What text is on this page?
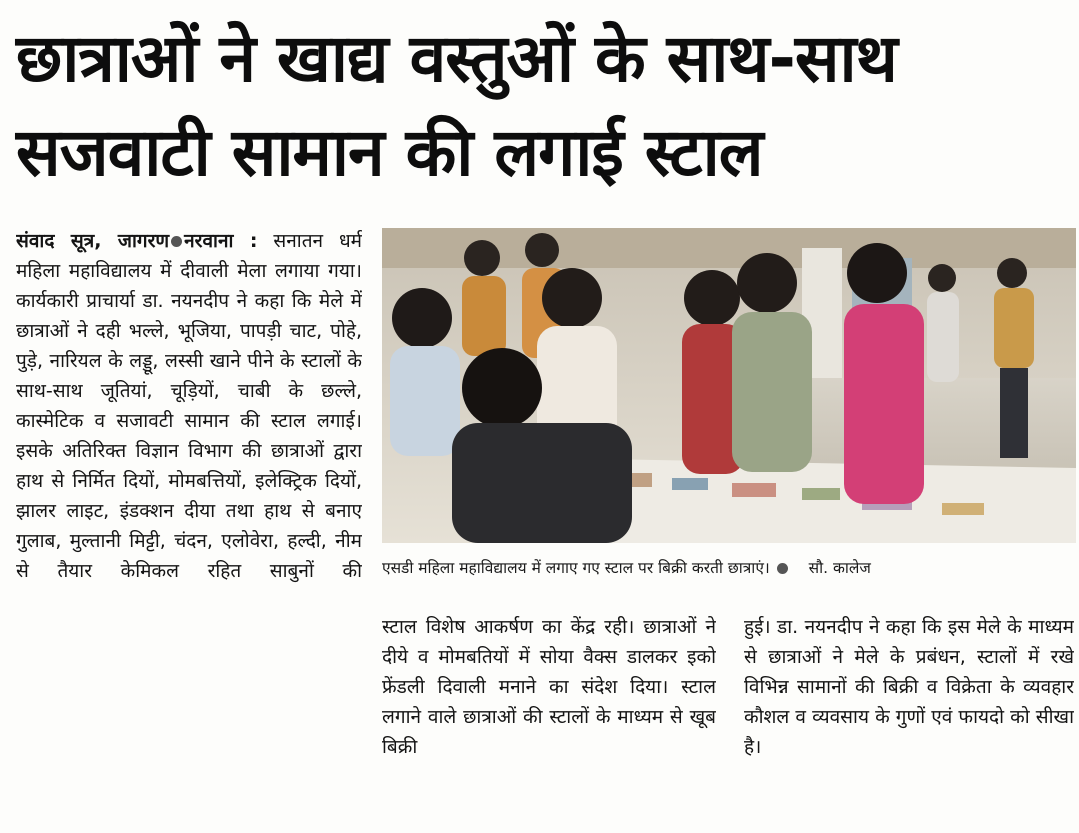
छात्राओं ने खाद्य वस्तुओं के साथ-साथ
सजवाटी सामान की लगाई स्टाल

संवाद सूत्र, जागरण नरवाना : सनातन धर्म महिला महाविद्यालय में दीवाली मेला लगाया गया। कार्यकारी प्राचार्या डा. नयनदीप ने कहा कि मेले में छात्राओं ने दही भल्ले, भूजिया, पापड़ी चाट, पोहे, पुड़े, नारियल के लड्डू, लस्सी खाने पीने के स्टालों के साथ-साथ जूतियां, चूड़ियों, चाबी के छल्ले, कास्मेटिक व सजावटी सामान की स्टाल लगाई। इसके अतिरिक्त विज्ञान विभाग की छात्राओं द्वारा हाथ से निर्मित दियों, मोमबत्तियों, इलेक्ट्रिक दियों, झालर लाइट, इंडक्शन दीया तथा हाथ से बनाए गुलाब, मुल्तानी मिट्टी, चंदन, एलोवेरा, हल्दी, नीम से तैयार केमिकल रहित साबुनों की एसडी महिला महाविद्यालय में लगाए गए स्टाल पर बिक्री करती छात्राएं।	सौ. कालेज

स्टाल विशेष आकर्षण का केंद्र रही। छात्राओं ने दीये व मोमबतियों में सोया वैक्स डालकर इको फ्रेंडली दिवाली मनाने का संदेश दिया। स्टाल लगाने वाले छात्राओं की स्टालों के माध्यम से खूब बिक्री

हुई। डा. नयनदीप ने कहा कि इस मेले के माध्यम से छात्राओं ने मेले के प्रबंधन, स्टालों में रखे विभिन्न सामानों की बिक्री व विक्रेता के व्यवहार कौशल व व्यवसाय के गुणों एवं फायदो को सीखा है।
